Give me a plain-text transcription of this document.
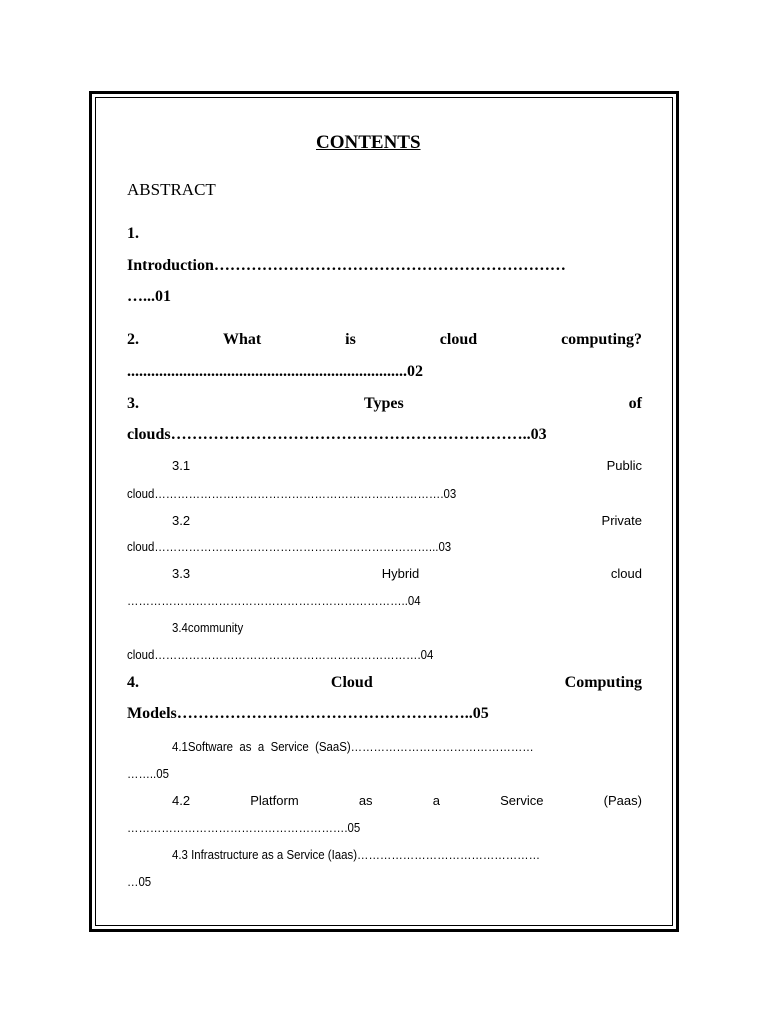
CONTENTS
ABSTRACT
1.
Introduction…………………………………………………………
…...01
2.	What	is	cloud	computing?
......................................................................02
3.	Types	of
clouds…………………………………………………………..03
3.1	Public
cloud………………………………………………………………….03
3.2	Private
cloud………………………………………………………………...03
3.3	Hybrid	cloud
………………………………………………………………..04
3.4community
cloud…………………………………………………………….04
4.	Cloud	Computing
Models………………………………………………..05
4.1Software  as  a  Service  (SaaS)…………………………………………
……..05
4.2	Platform	as	a	Service	(Paas)
………………………………………………….05
4.3 Infrastructure as a Service (Iaas)…………………………………………
…05
